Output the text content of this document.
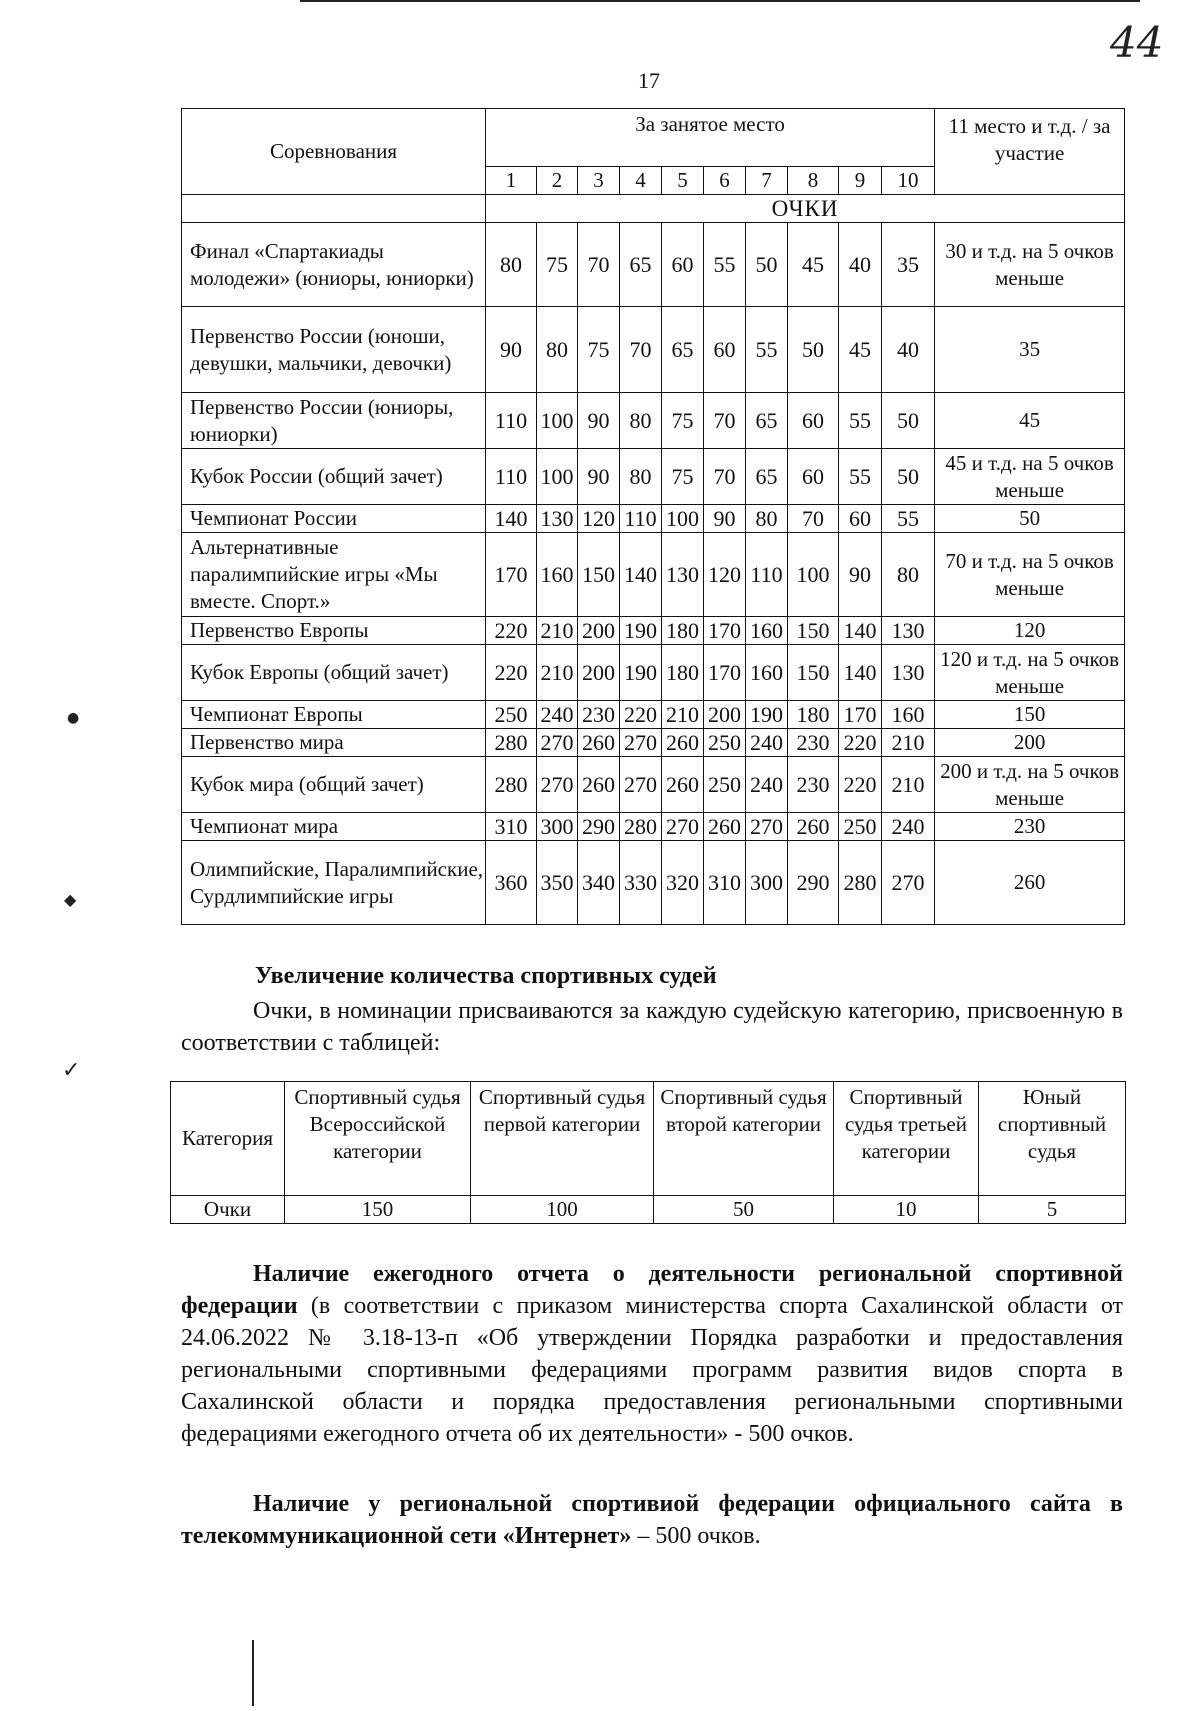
44
17
Соревнования	За занятое место										11 место и т.д. / за участие
	1	2	3	4	5	6	7	8	9	10	
	ОЧКИ										
Финал «Спартакиады молодежи» (юниоры, юниорки)	80	75	70	65	60	55	50	45	40	35	30 и т.д. на 5 очков меньше
Первенство России (юноши, девушки, мальчики, девочки)	90	80	75	70	65	60	55	50	45	40	35
Первенство России (юниоры, юниорки)	110	100	90	80	75	70	65	60	55	50	45
Кубок России (общий зачет)	110	100	90	80	75	70	65	60	55	50	45 и т.д. на 5 очков меньше
Чемпионат России	140	130	120	110	100	90	80	70	60	55	50
Альтернативные паралимпийские игры «Мы вместе. Спорт.»	170	160	150	140	130	120	110	100	90	80	70 и т.д. на 5 очков меньше
Первенство Европы	220	210	200	190	180	170	160	150	140	130	120
Кубок Европы (общий зачет)	220	210	200	190	180	170	160	150	140	130	120 и т.д. на 5 очков меньше
Чемпионат Европы	250	240	230	220	210	200	190	180	170	160	150
Первенство мира	280	270	260	270	260	250	240	230	220	210	200
Кубок мира (общий зачет)	280	270	260	270	260	250	240	230	220	210	200 и т.д. на 5 очков меньше
Чемпионат мира	310	300	290	280	270	260	270	260	250	240	230
Олимпийские, Паралимпийские, Сурдлимпийские игры	360	350	340	330	320	310	300	290	280	270	260
Увеличение количества спортивных судей
Очки, в номинации присваиваются за каждую судейскую категорию, присвоенную в соответствии с таблицей:
Категория	Спортивный судья Всероссийской категории	Спортивный судья первой категории	Спортивный судья второй категории	Спортивный судья третьей категории	Юный спортивный судья
Очки	150	100	50	10	5
Наличие ежегодного отчета о деятельности региональной спортивной федерации (в соответствии с приказом министерства спорта Сахалинской области от 24.06.2022 № 3.18-13-п «Об утверждении Порядка разработки и предоставления региональными спортивными федерациями программ развития видов спорта в Сахалинской области и порядка предоставления региональными спортивными федерациями ежегодного отчета об их деятельности» - 500 очков.
Наличие у региональной спортивиой федерации официального сайта в телекоммуникационной сети «Интернет» – 500 очков.
●
◆
✓
